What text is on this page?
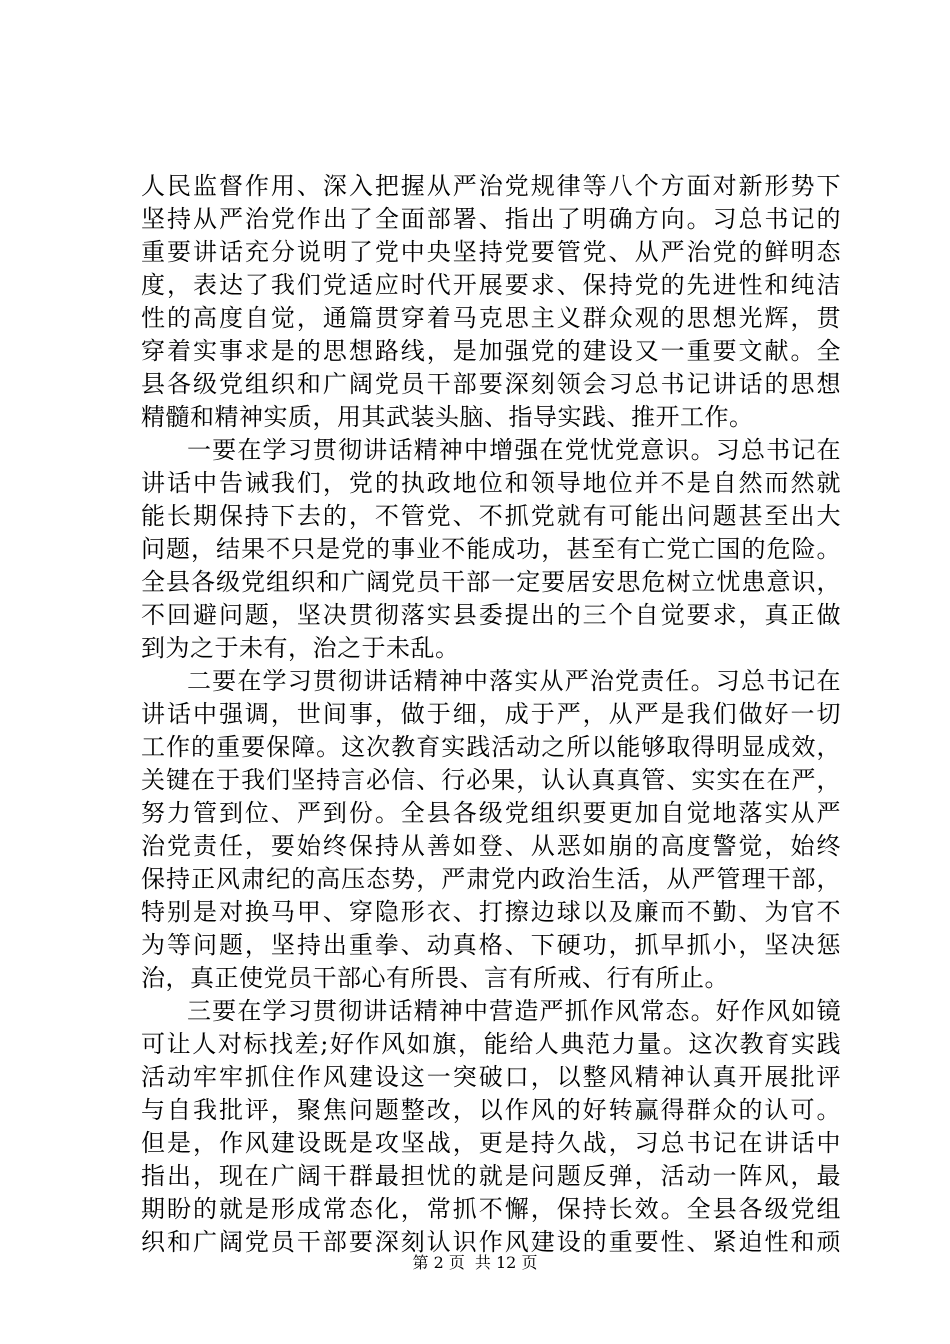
人民监督作用、深入把握从严治党规律等八个方面对新形势下
坚持从严治党作出了全面部署、指出了明确方向。习总书记的
重要讲话充分说明了党中央坚持党要管党、从严治党的鲜明态
度，表达了我们党适应时代开展要求、保持党的先进性和纯洁
性的高度自觉，通篇贯穿着马克思主义群众观的思想光辉，贯
穿着实事求是的思想路线，是加强党的建设又一重要文献。全
县各级党组织和广阔党员干部要深刻领会习总书记讲话的思想
精髓和精神实质，用其武装头脑、指导实践、推开工作。
一要在学习贯彻讲话精神中增强在党忧党意识。习总书记在
讲话中告诫我们，党的执政地位和领导地位并不是自然而然就
能长期保持下去的，不管党、不抓党就有可能出问题甚至出大
问题，结果不只是党的事业不能成功，甚至有亡党亡国的危险。
全县各级党组织和广阔党员干部一定要居安思危树立忧患意识，
不回避问题，坚决贯彻落实县委提出的三个自觉要求，真正做
到为之于未有，治之于未乱。
二要在学习贯彻讲话精神中落实从严治党责任。习总书记在
讲话中强调，世间事，做于细，成于严，从严是我们做好一切
工作的重要保障。这次教育实践活动之所以能够取得明显成效，
关键在于我们坚持言必信、行必果，认认真真管、实实在在严，
努力管到位、严到份。全县各级党组织要更加自觉地落实从严
治党责任，要始终保持从善如登、从恶如崩的高度警觉，始终
保持正风肃纪的高压态势，严肃党内政治生活，从严管理干部，
特别是对换马甲、穿隐形衣、打擦边球以及廉而不勤、为官不
为等问题，坚持出重拳、动真格、下硬功，抓早抓小，坚决惩
治，真正使党员干部心有所畏、言有所戒、行有所止。
三要在学习贯彻讲话精神中营造严抓作风常态。好作风如镜
可让人对标找差;好作风如旗，能给人典范力量。这次教育实践
活动牢牢抓住作风建设这一突破口，以整风精神认真开展批评
与自我批评，聚焦问题整改，以作风的好转赢得群众的认可。
但是，作风建设既是攻坚战，更是持久战，习总书记在讲话中
指出，现在广阔干群最担忧的就是问题反弹，活动一阵风，最
期盼的就是形成常态化，常抓不懈，保持长效。全县各级党组
织和广阔党员干部要深刻认识作风建设的重要性、紧迫性和顽
第 2 页 共 12 页
